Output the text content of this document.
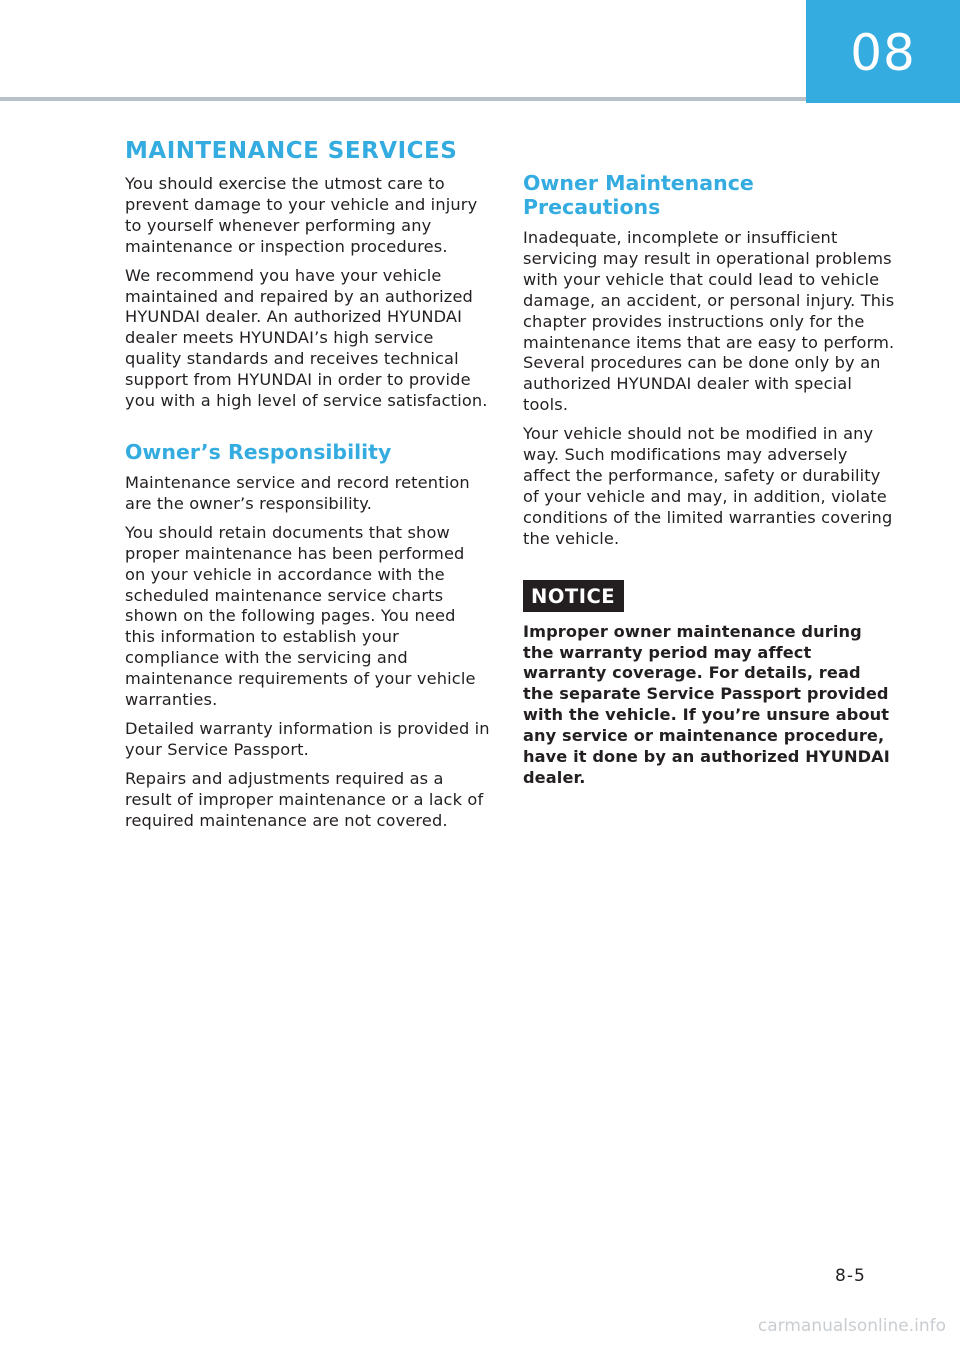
08
MAINTENANCE SERVICES

You should exercise the utmost care to prevent damage to your vehicle and injury to yourself whenever performing any maintenance or inspection procedures.

We recommend you have your vehicle maintained and repaired by an authorized HYUNDAI dealer. An authorized HYUNDAI dealer meets HYUNDAI’s high service quality standards and receives technical support from HYUNDAI in order to provide you with a high level of service satisfaction.

Owner’s Responsibility

Maintenance service and record retention are the owner’s responsibility.

You should retain documents that show proper maintenance has been performed on your vehicle in accordance with the scheduled maintenance service charts shown on the following pages. You need this information to establish your compliance with the servicing and maintenance requirements of your vehicle warranties.

Detailed warranty information is provided in your Service Passport.

Repairs and adjustments required as a result of improper maintenance or a lack of required maintenance are not covered.

Owner Maintenance Precautions

Inadequate, incomplete or insufficient servicing may result in operational problems with your vehicle that could lead to vehicle damage, an accident, or personal injury. This chapter provides instructions only for the maintenance items that are easy to perform. Several procedures can be done only by an authorized HYUNDAI dealer with special tools.

Your vehicle should not be modified in any way. Such modifications may adversely affect the performance, safety or durability of your vehicle and may, in addition, violate conditions of the limited warranties covering the vehicle.

NOTICE

Improper owner maintenance during the warranty period may affect warranty coverage. For details, read the separate Service Passport provided with the vehicle. If you’re unsure about any service or maintenance procedure, have it done by an authorized HYUNDAI dealer.

8-5
carmanualsonline.info
